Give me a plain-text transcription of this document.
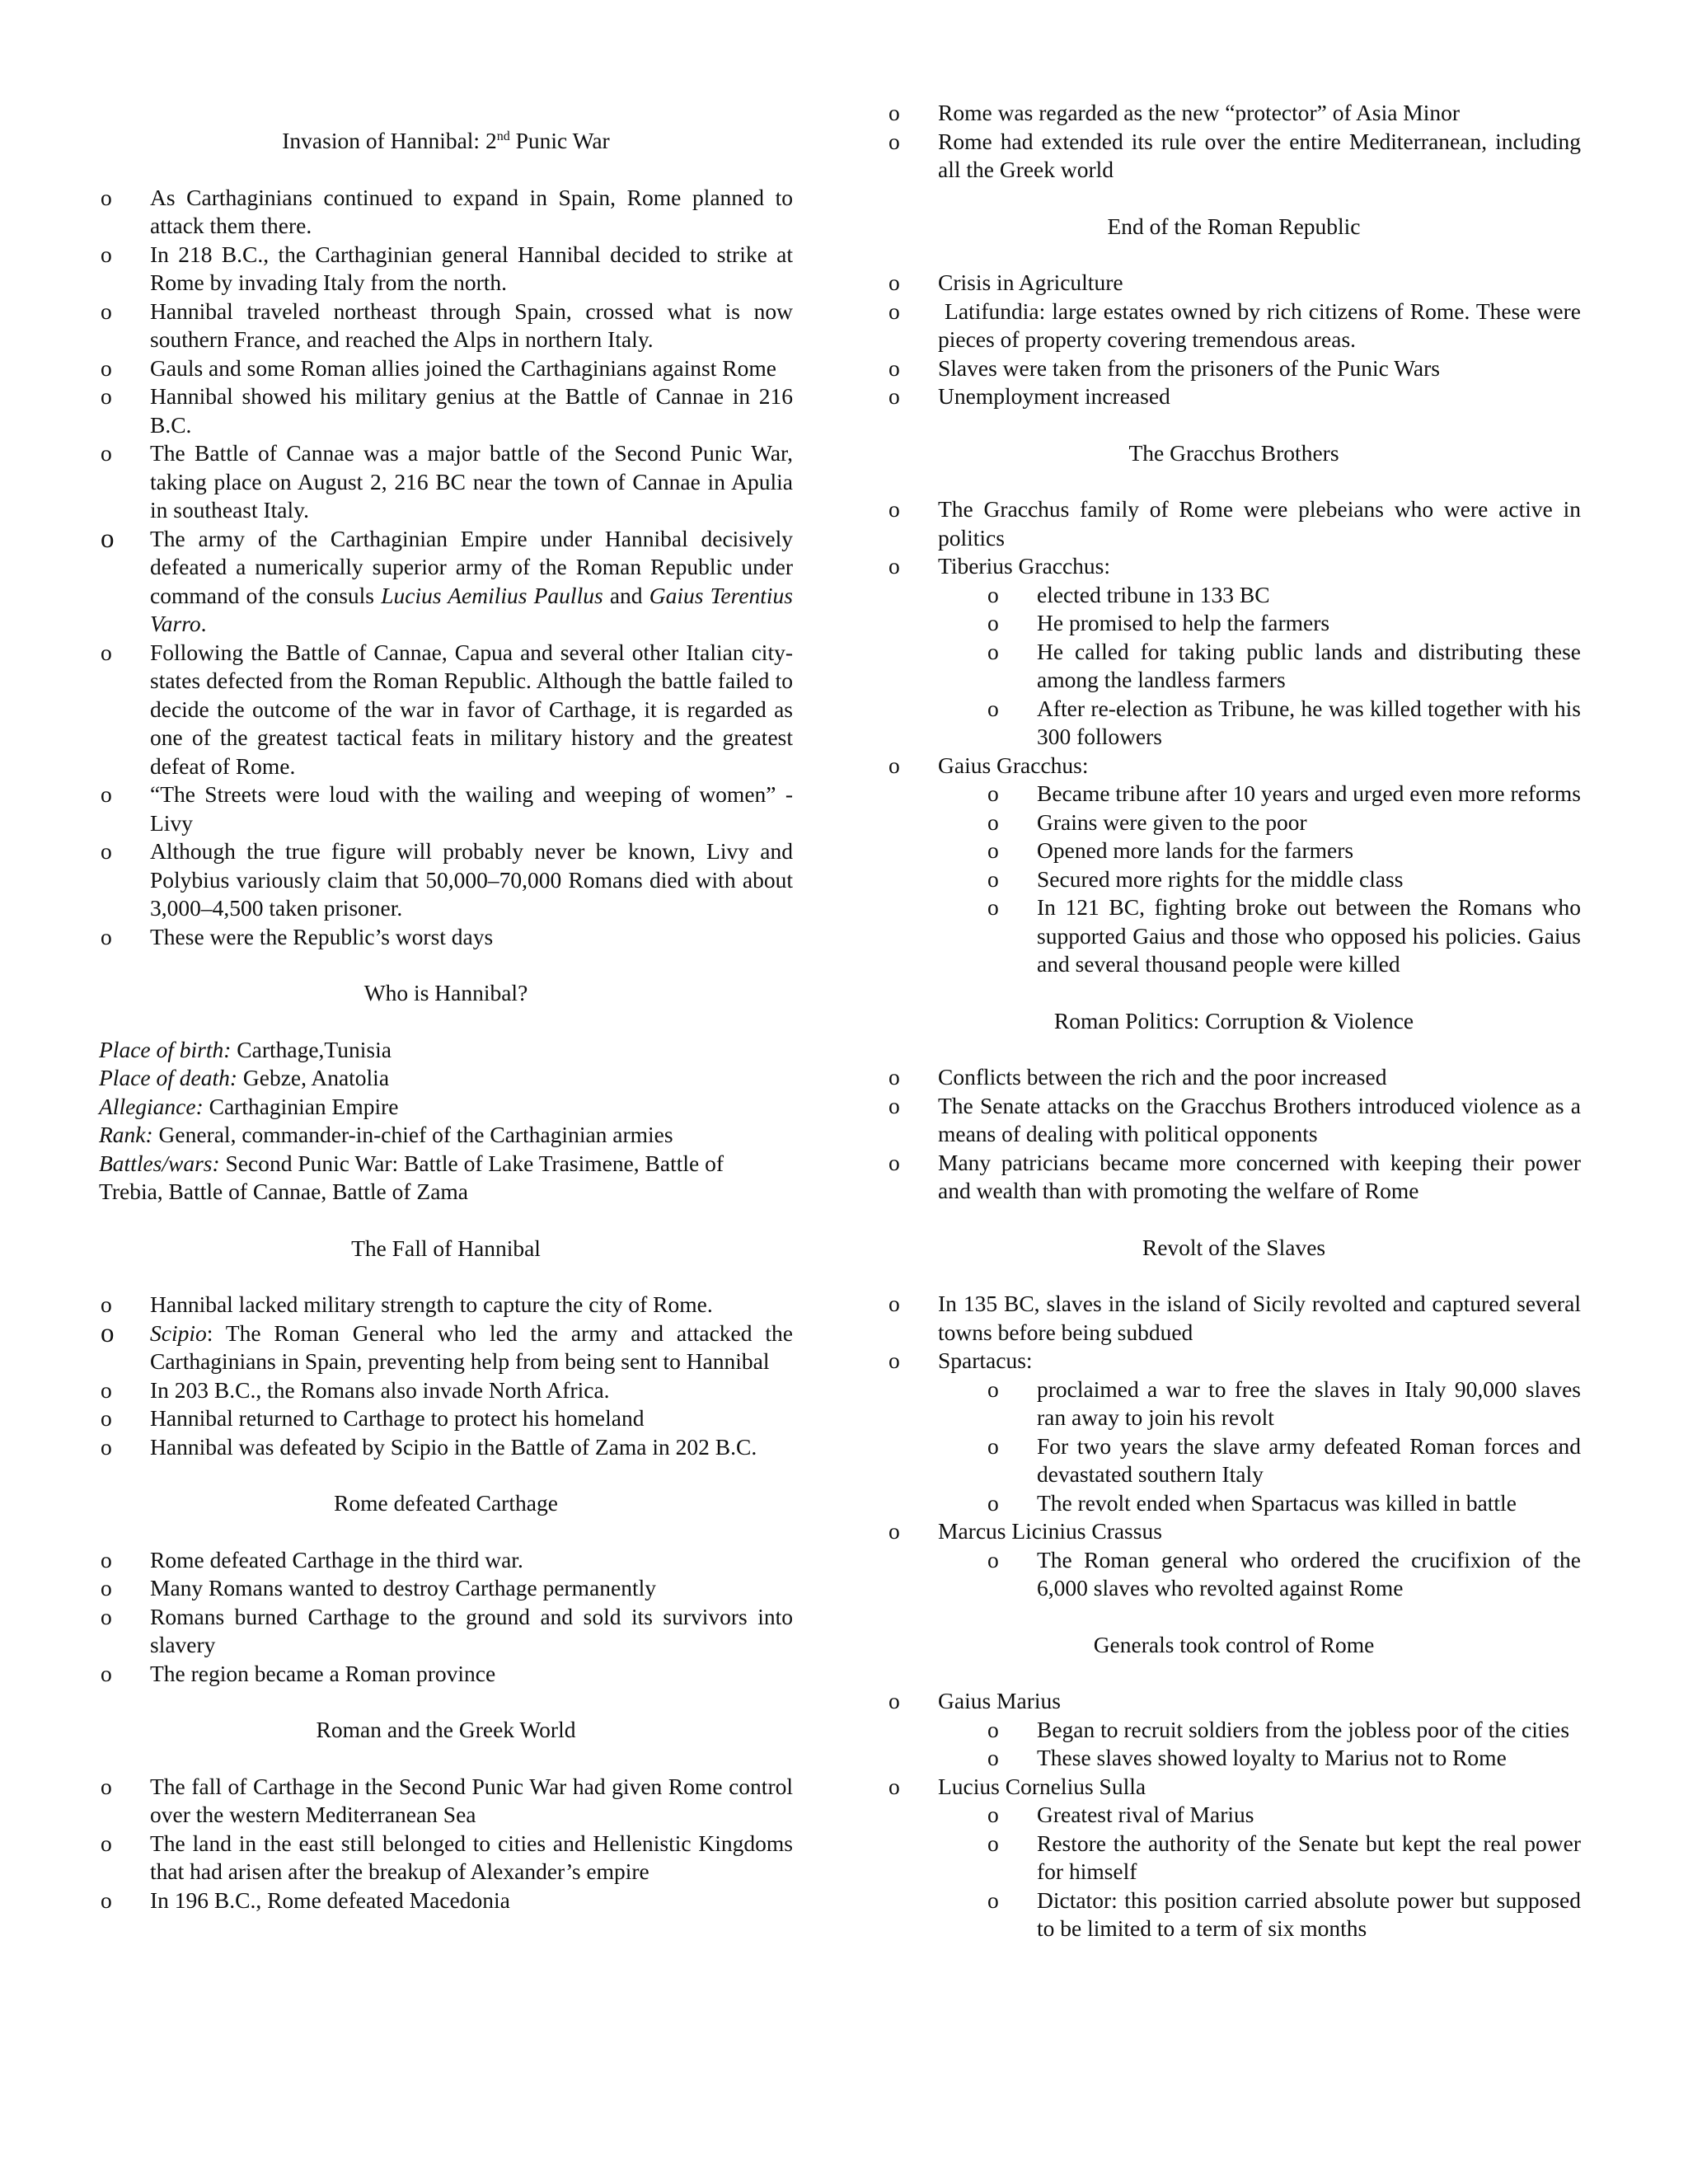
Invasion of Hannibal: 2nd Punic War

o	As Carthaginians continued to expand in Spain, Rome planned to attack them there.
o	In 218 B.C., the Carthaginian general Hannibal decided to strike at Rome by invading Italy from the north.
o	Hannibal traveled northeast through Spain, crossed what is now southern France, and reached the Alps in northern Italy.
o	Gauls and some Roman allies joined the Carthaginians against Rome
o	Hannibal showed his military genius at the Battle of Cannae in 216 B.C.
o	The Battle of Cannae was a major battle of the Second Punic War, taking place on August 2, 216 BC near the town of Cannae in Apulia in southeast Italy.
o	The army of the Carthaginian Empire under Hannibal decisively defeated a numerically superior army of the Roman Republic under command of the consuls Lucius Aemilius Paullus and Gaius Terentius Varro.
o	Following the Battle of Cannae, Capua and several other Italian city-states defected from the Roman Republic. Although the battle failed to decide the outcome of the war in favor of Carthage, it is regarded as one of the greatest tactical feats in military history and the greatest defeat of Rome.
o	“The Streets were loud with the wailing and weeping of women” - Livy
o	Although the true figure will probably never be known, Livy and Polybius variously claim that 50,000–70,000 Romans died with about 3,000–4,500 taken prisoner.
o	These were the Republic’s worst days

Who is Hannibal?

Place of birth: Carthage,Tunisia

Place of death: Gebze, Anatolia

Allegiance: Carthaginian Empire

Rank: General, commander-in-chief of the Carthaginian armies

Battles/wars: Second Punic War: Battle of Lake Trasimene, Battle of Trebia, Battle of Cannae, Battle of Zama

The Fall of Hannibal

o	Hannibal lacked military strength to capture the city of Rome.
o	Scipio: The Roman General who led the army and attacked the Carthaginians in Spain, preventing help from being sent to Hannibal
o	In 203 B.C., the Romans also invade North Africa.
o	Hannibal returned to Carthage to protect his homeland
o	Hannibal was defeated by Scipio in the Battle of Zama in 202 B.C.

Rome defeated Carthage

o	Rome defeated Carthage in the third war.
o	Many Romans wanted to destroy Carthage permanently
o	Romans burned Carthage to the ground and sold its survivors into slavery
o	The region became a Roman province

Roman and the Greek World

o	The fall of Carthage in the Second Punic War had given Rome control over the western Mediterranean Sea
o	The land in the east still belonged to cities and Hellenistic Kingdoms that had arisen after the breakup of Alexander’s empire
o	In 196 B.C., Rome defeated Macedonia
o	Rome was regarded as the new “protector” of Asia Minor
o	Rome had extended its rule over the entire Mediterranean, including all the Greek world

End of the Roman Republic

o	Crisis in Agriculture
o	Latifundia: large estates owned by rich citizens of Rome. These were pieces of property covering tremendous areas.
o	Slaves were taken from the prisoners of the Punic Wars
o	Unemployment increased

The Gracchus Brothers

o	The Gracchus family of Rome were plebeians who were active in politics
o	Tiberius Gracchus:
o	elected tribune in 133 BC
o	He promised to help the farmers
o	He called for taking public lands and distributing these among the landless farmers
o	After re-election as Tribune, he was killed together with his 300 followers
o	Gaius Gracchus:
o	Became tribune after 10 years and urged even more reforms
o	Grains were given to the poor
o	Opened more lands for the farmers
o	Secured more rights for the middle class
o	In 121 BC, fighting broke out between the Romans who supported Gaius and those who opposed his policies. Gaius and several thousand people were killed

Roman Politics: Corruption & Violence

o	Conflicts between the rich and the poor increased
o	The Senate attacks on the Gracchus Brothers introduced violence as a means of dealing with political opponents
o	Many patricians became more concerned with keeping their power and wealth than with promoting the welfare of Rome

Revolt of the Slaves

o	In 135 BC, slaves in the island of Sicily revolted and captured several towns before being subdued
o	Spartacus:
o	proclaimed a war to free the slaves in Italy 90,000 slaves ran away to join his revolt
o	For two years the slave army defeated Roman forces and devastated southern Italy
o	The revolt ended when Spartacus was killed in battle
o	Marcus Licinius Crassus
o	The Roman general who ordered the crucifixion of the 6,000 slaves who revolted against Rome

Generals took control of Rome

o	Gaius Marius
o	Began to recruit soldiers from the jobless poor of the cities
o	These slaves showed loyalty to Marius not to Rome
o	Lucius Cornelius Sulla
o	Greatest rival of Marius
o	Restore the authority of the Senate but kept the real power for himself
o	Dictator: this position carried absolute power but supposed to be limited to a term of six months
